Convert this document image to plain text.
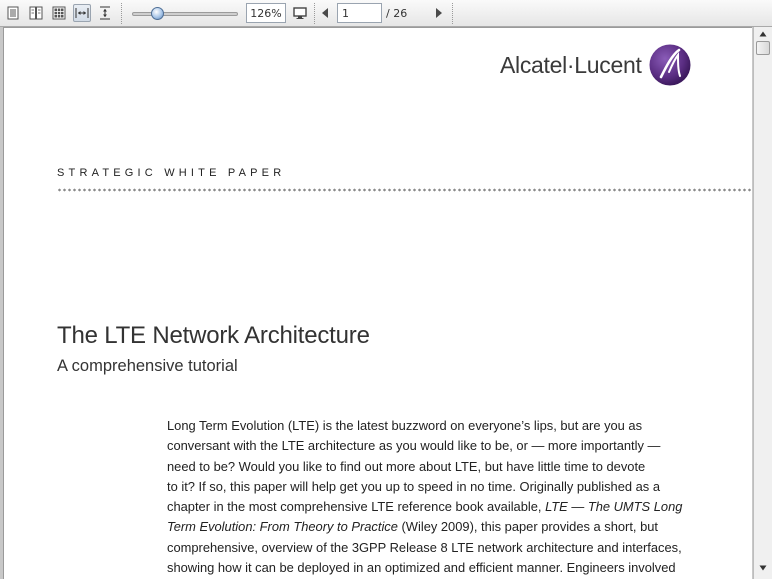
126%
1	/ 26
Alcatel·Lucent
STRATEGIC WHITE PAPER
The LTE Network Architecture
A comprehensive tutorial
Long Term Evolution (LTE) is the latest buzzword on everyone’s lips, but are you as
conversant with the LTE architecture as you would like to be, or — more importantly —
need to be? Would you like to find out more about LTE, but have little time to devote
to it? If so, this paper will help get you up to speed in no time. Originally published as a
chapter in the most comprehensive LTE reference book available, LTE — The UMTS Long
Term Evolution: From Theory to Practice (Wiley 2009), this paper provides a short, but
comprehensive, overview of the 3GPP Release 8 LTE network architecture and interfaces,
showing how it can be deployed in an optimized and efficient manner. Engineers involved
